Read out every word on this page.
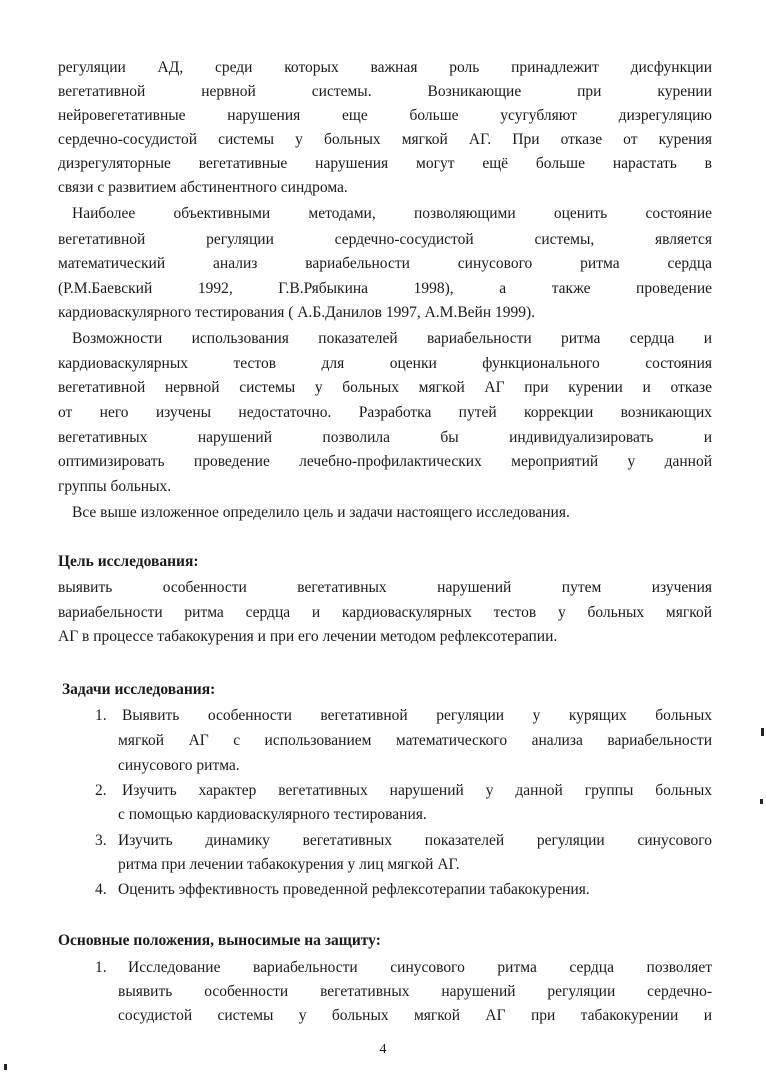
регуляции АД, среди которых важная роль принадлежит дисфункции
вегетативной нервной системы. Возникающие при курении
нейровегетативные нарушения еще больше усугубляют дизрегуляцию
сердечно-сосудистой системы у больных мягкой АГ. При отказе от курения
дизрегуляторные вегетативные нарушения могут ещё больше нарастать в
связи с развитием абстинентного синдрома.
Наиболее объективными методами, позволяющими оценить состояние
вегетативной регуляции сердечно-сосудистой системы, является
математический анализ вариабельности синусового ритма сердца
(Р.М.Баевский 1992, Г.В.Рябыкина 1998), а также проведение
кардиоваскулярного тестирования ( А.Б.Данилов 1997, А.М.Вейн 1999).
Возможности использования показателей вариабельности ритма сердца и
кардиоваскулярных тестов для оценки функционального состояния
вегетативной нервной системы у больных мягкой АГ при курении и отказе
от него изучены недостаточно. Разработка путей коррекции возникающих
вегетативных нарушений позволила бы индивидуализировать и
оптимизировать проведение лечебно-профилактических мероприятий у данной
группы больных.
Все выше изложенное определило цель и задачи настоящего исследования.
Цель исследования:
выявить особенности вегетативных нарушений путем изучения
вариабельности ритма сердца и кардиоваскулярных тестов у больных мягкой
АГ в процессе табакокурения и при его лечении методом рефлексотерапии.
Задачи исследования:
1. Выявить особенности вегетативной регуляции у курящих больных
мягкой АГ с использованием математического анализа вариабельности
синусового ритма.
2. Изучить характер вегетативных нарушений у данной группы больных
с помощью кардиоваскулярного тестирования.
3. Изучить динамику вегетативных показателей регуляции синусового
ритма при лечении табакокурения у лиц мягкой АГ.
4. Оценить эффективность проведенной рефлексотерапии табакокурения.
Основные положения, выносимые на защиту:
1. Исследование вариабельности синусового ритма сердца позволяет
выявить особенности вегетативных нарушений регуляции сердечно-
сосудистой системы у больных мягкой АГ при табакокурении и
4
